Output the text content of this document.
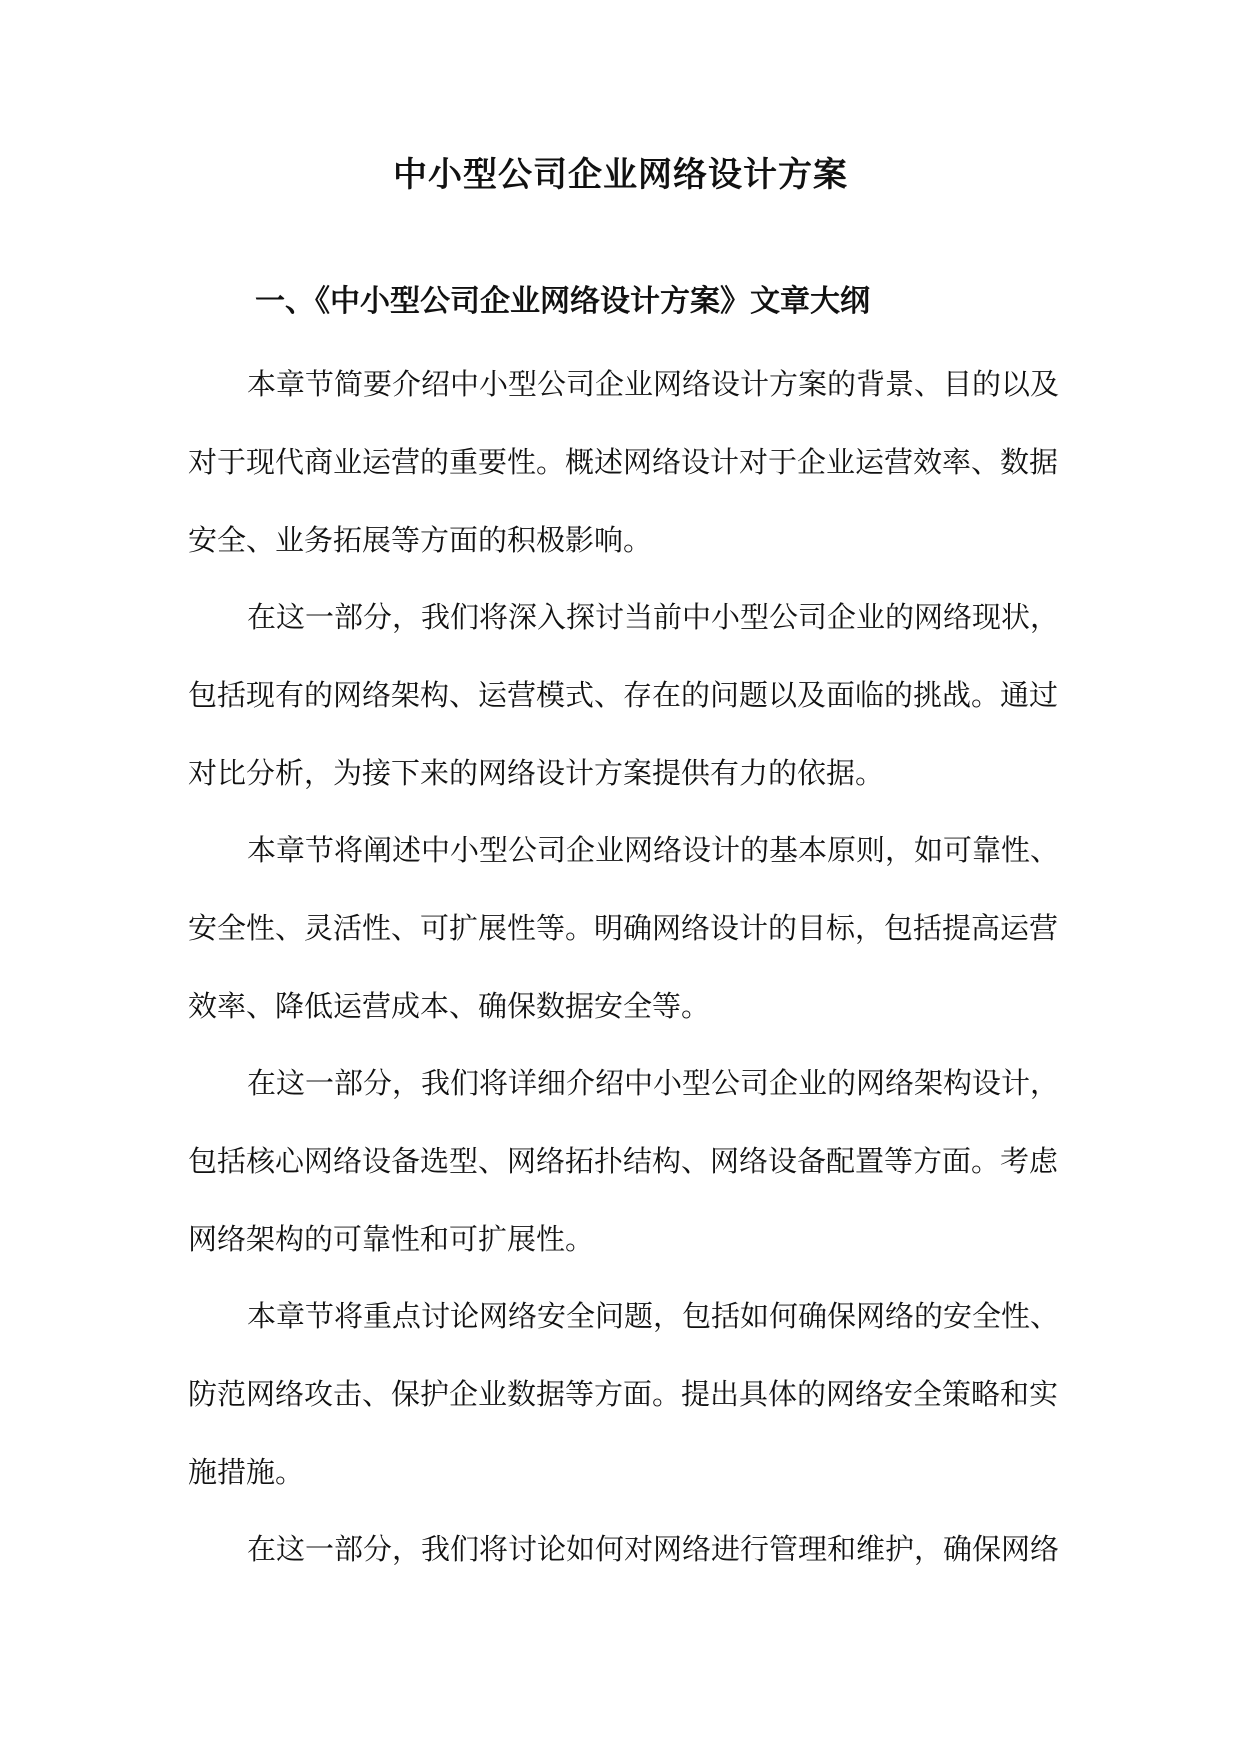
中小型公司企业网络设计方案
一、《中小型公司企业网络设计方案》文章大纲
本章节简要介绍中小型公司企业网络设计方案的背景、目的以及
对于现代商业运营的重要性。概述网络设计对于企业运营效率、数据
安全、业务拓展等方面的积极影响。
在这一部分，我们将深入探讨当前中小型公司企业的网络现状，
包括现有的网络架构、运营模式、存在的问题以及面临的挑战。通过
对比分析，为接下来的网络设计方案提供有力的依据。
本章节将阐述中小型公司企业网络设计的基本原则，如可靠性、
安全性、灵活性、可扩展性等。明确网络设计的目标，包括提高运营
效率、降低运营成本、确保数据安全等。
在这一部分，我们将详细介绍中小型公司企业的网络架构设计，
包括核心网络设备选型、网络拓扑结构、网络设备配置等方面。考虑
网络架构的可靠性和可扩展性。
本章节将重点讨论网络安全问题，包括如何确保网络的安全性、
防范网络攻击、保护企业数据等方面。提出具体的网络安全策略和实
施措施。
在这一部分，我们将讨论如何对网络进行管理和维护，确保网络
